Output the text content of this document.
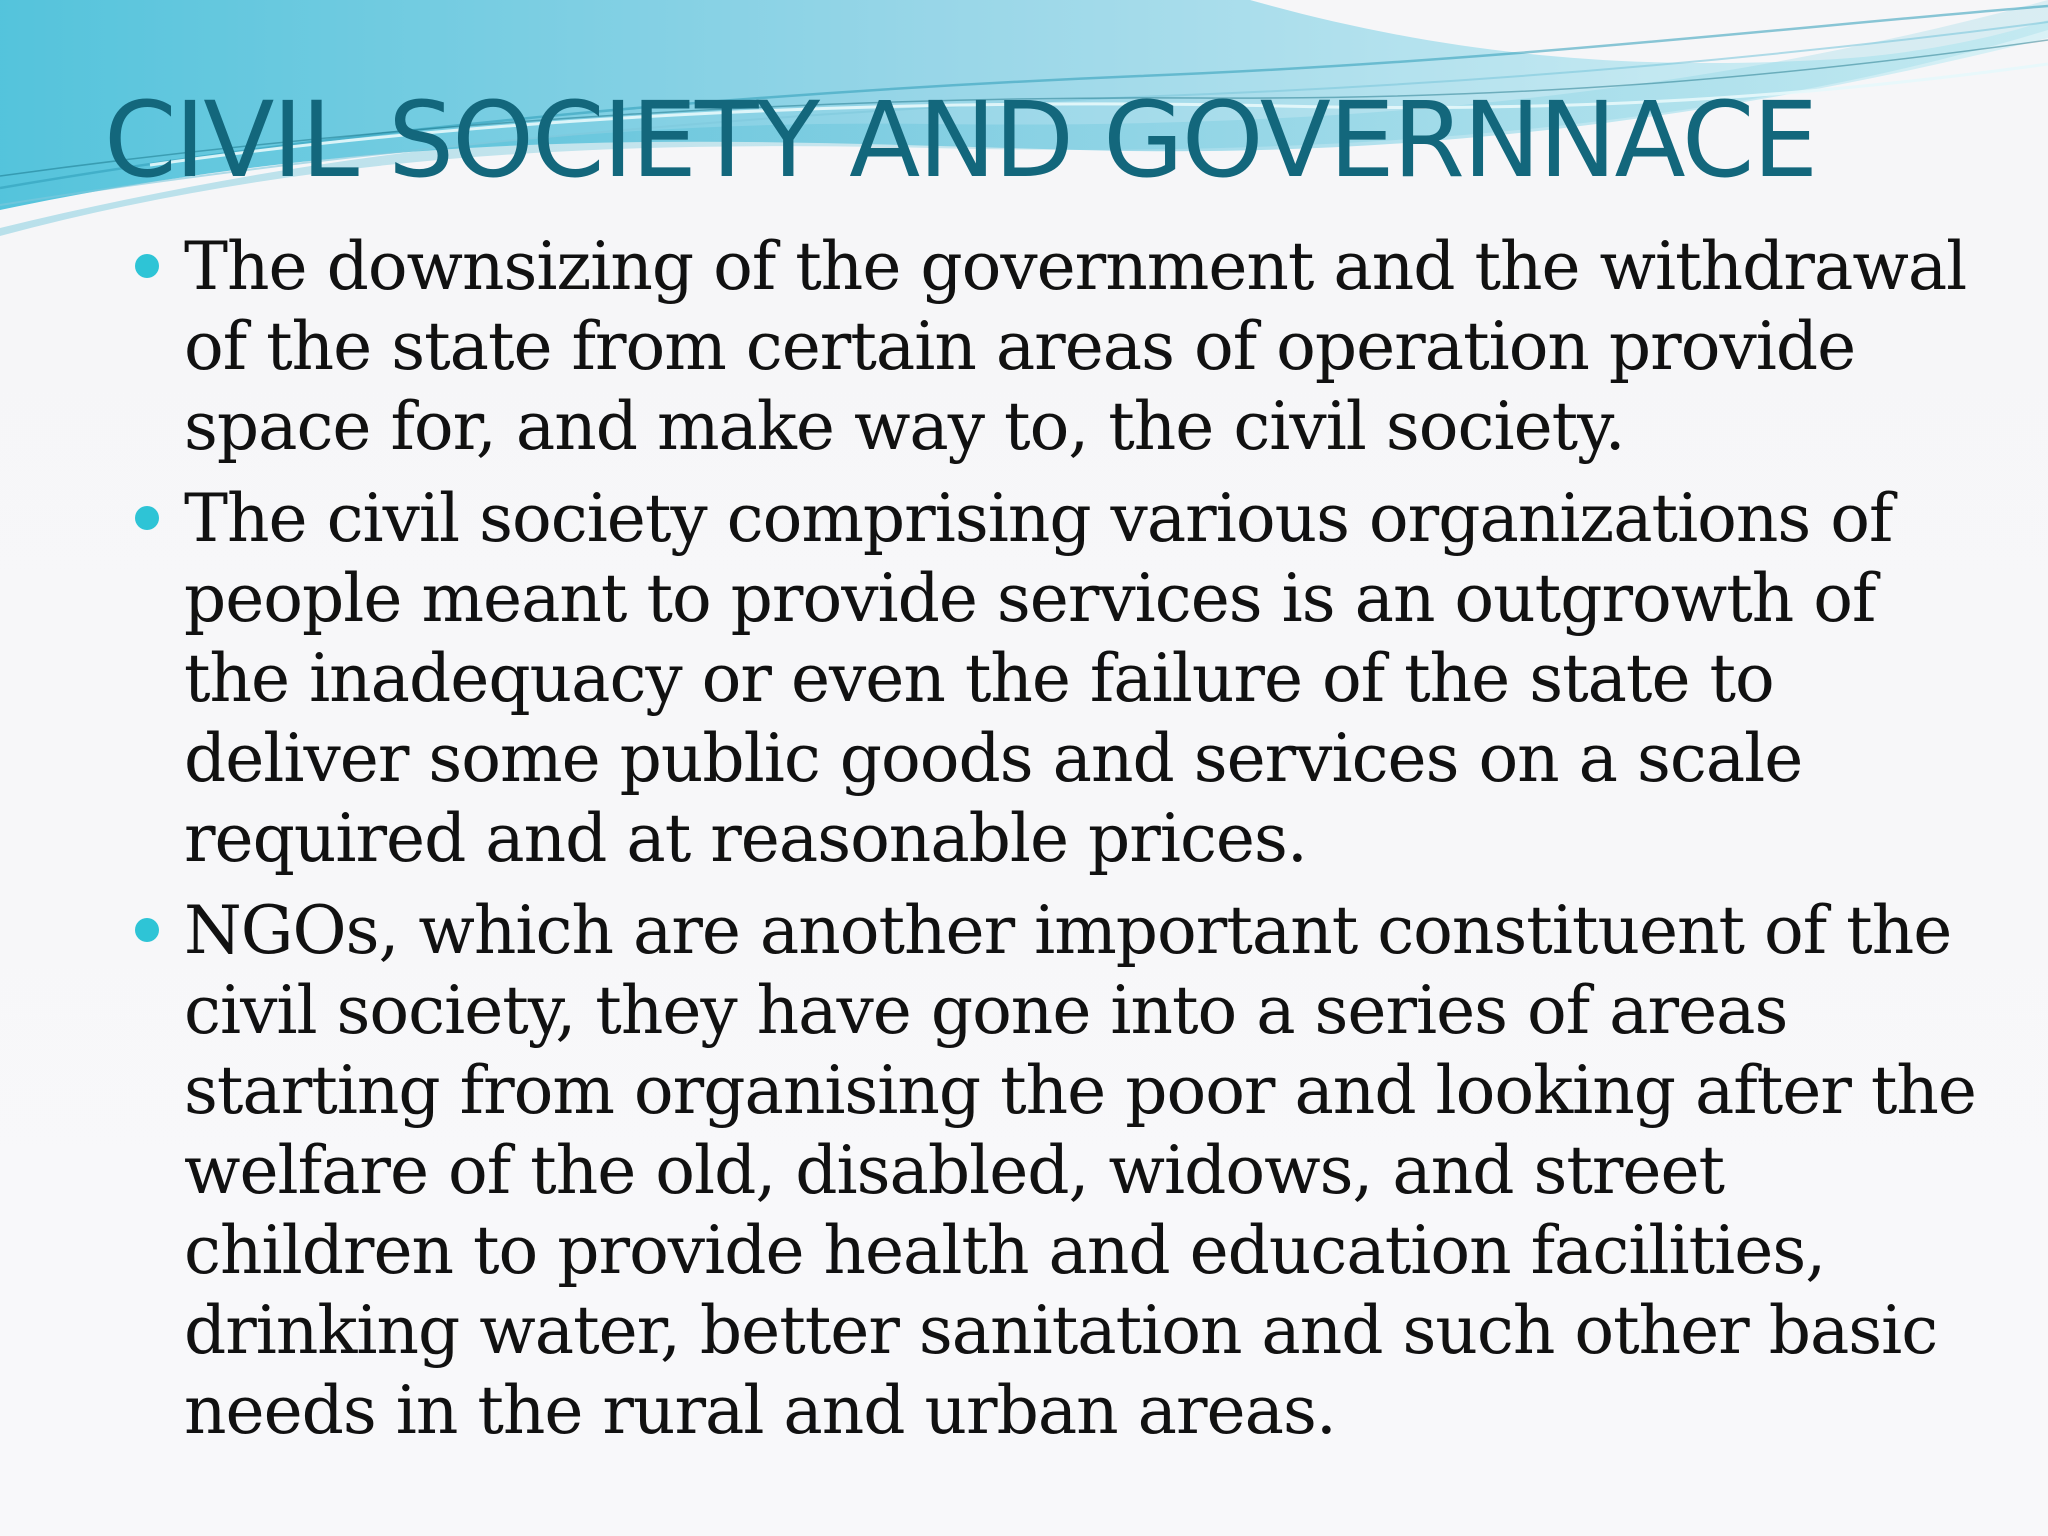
CIVIL SOCIETY AND GOVERNNACE
The downsizing of the government and the withdrawal of the state from certain areas of operation provide space for, and make way to, the civil society.
The civil society comprising various organizations of people meant to provide services is an outgrowth of the inadequacy or even the failure of the state to deliver some public goods and services on a scale required and at reasonable prices.
NGOs, which are another important constituent of the civil society, they have gone into a series of areas starting from organising the poor and looking after the welfare of the old, disabled, widows, and street children to provide health and education facilities, drinking water, better sanitation and such other basic needs in the rural and urban areas.
